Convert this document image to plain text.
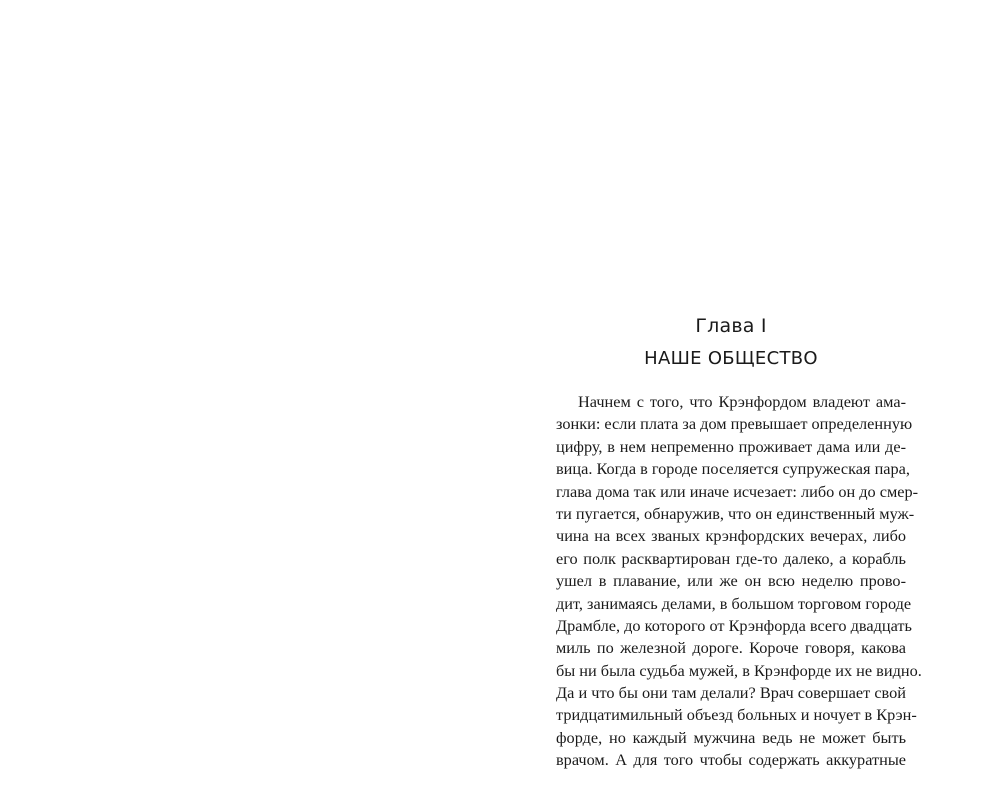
Глава I
НАШЕ ОБЩЕСТВО
Начнем с того, что Крэнфордом владеют ама-
зонки: если плата за дом превышает определенную
цифру, в нем непременно проживает дама или де-
вица. Когда в городе поселяется супружеская пара,
глава дома так или иначе исчезает: либо он до смер-
ти пугается, обнаружив, что он единственный муж-
чина на всех званых крэнфордских вечерах, либо
его полк расквартирован где-то далеко, а корабль
ушел в плавание, или же он всю неделю прово-
дит, занимаясь делами, в большом торговом городе
Драмбле, до которого от Крэнфорда всего двадцать
миль по железной дороге. Короче говоря, какова
бы ни была судьба мужей, в Крэнфорде их не видно.
Да и что бы они там делали? Врач совершает свой
тридцатимильный объезд больных и ночует в Крэн-
форде, но каждый мужчина ведь не может быть
врачом. А для того чтобы содержать аккуратные
